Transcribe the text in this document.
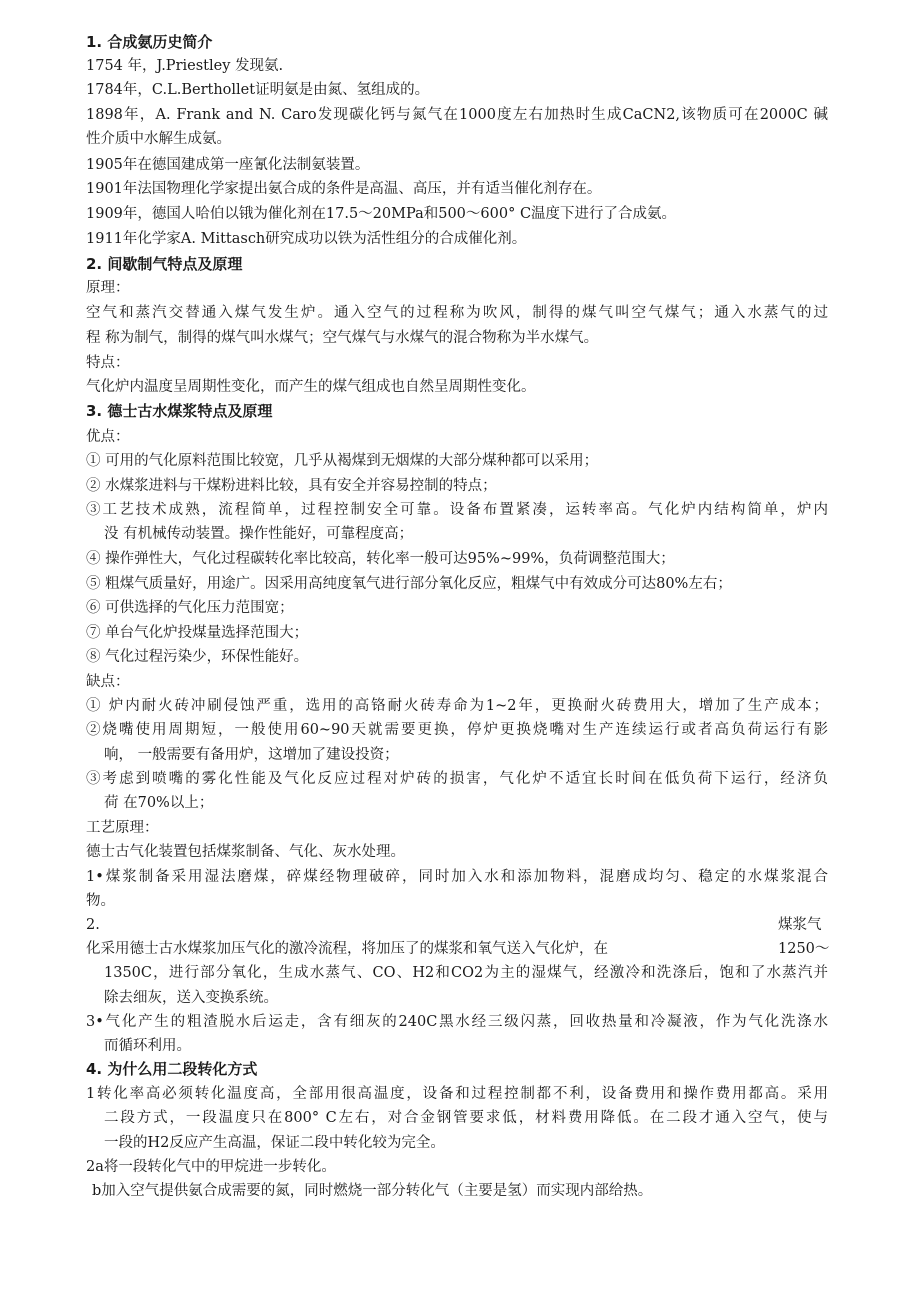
1. 合成氨历史简介
1754 年，J.Priestley 发现氨.
1784年，C.L.Berthollet证明氨是由氮、氢组成的。
1898年，A. Frank and N. Caro发现碳化钙与氮气在1000度左右加热时生成CaCN2,该物质可在2000C 碱
性介质中水解生成氨。
1905年在德国建成第一座氰化法制氨装置。
1901年法国物理化学家提出氨合成的条件是高温、高压，并有适当催化剂存在。
1909年，德国人哈伯以锇为催化剂在17.5〜20MPa和500〜600° C温度下进行了合成氨。
1911年化学家A. Mittasch研究成功以铁为活性组分的合成催化剂。
2. 间歇制气特点及原理
原理：
空气和蒸汽交替通入煤气发生炉。通入空气的过程称为吹风，制得的煤气叫空气煤气；通入水蒸气的过
程 称为制气，制得的煤气叫水煤气；空气煤气与水煤气的混合物称为半水煤气。
特点：
气化炉内温度呈周期性变化，而产生的煤气组成也自然呈周期性变化。
3. 德士古水煤浆特点及原理
优点：
① 可用的气化原料范围比较宽，几乎从褐煤到无烟煤的大部分煤种都可以采用；
② 水煤浆进料与干煤粉进料比较，具有安全并容易控制的特点；
③工艺技术成熟，流程简单，过程控制安全可靠。设备布置紧凑，运转率高。气化炉内结构简单，炉内
没 有机械传动装置。操作性能好，可靠程度高；
④ 操作弹性大，气化过程碳转化率比较高，转化率一般可达95%~99%，负荷调整范围大；
⑤ 粗煤气质量好，用途广。因采用高纯度氧气进行部分氧化反应，粗煤气中有效成分可达80%左右；
⑥ 可供选择的气化压力范围宽；
⑦ 单台气化炉投煤量选择范围大；
⑧ 气化过程污染少，环保性能好。
缺点：
① 炉内耐火砖冲刷侵蚀严重，选用的高铬耐火砖寿命为1~2年，更换耐火砖费用大，增加了生产成本；
②烧嘴使用周期短，一般使用60~90天就需要更换，停炉更换烧嘴对生产连续运行或者高负荷运行有影
响， 一般需要有备用炉，这增加了建设投资；
③考虑到喷嘴的雾化性能及气化反应过程对炉砖的损害，气化炉不适宜长时间在低负荷下运行，经济负
荷 在70%以上；
工艺原理：
德士古气化装置包括煤浆制备、气化、灰水处理。
1•煤浆制备采用湿法磨煤，碎煤经物理破碎，同时加入水和添加物料，混磨成均匀、稳定的水煤浆混合
物。
2.	煤浆气
化采用德士古水煤浆加压气化的激冷流程，将加压了的煤浆和氧气送入气化炉，在	1250〜
1350C，进行部分氧化，生成水蒸气、CO、H2和CO2为主的湿煤气，经激冷和洗涤后，饱和了水蒸汽并
除去细灰，送入变换系统。
3•气化产生的粗渣脱水后运走，含有细灰的240C黑水经三级闪蒸，回收热量和冷凝液，作为气化洗涤水
而循环利用。
4. 为什么用二段转化方式
1转化率高必须转化温度高，全部用很高温度，设备和过程控制都不利，设备费用和操作费用都高。采用
二段方式，一段温度只在800° C左右，对合金钢管要求低，材料费用降低。在二段才通入空气，使与
一段的H2反应产生高温，保证二段中转化较为完全。
2a将一段转化气中的甲烷进一步转化。
b加入空气提供氨合成需要的氮，同时燃烧一部分转化气（主要是氢）而实现内部给热。
